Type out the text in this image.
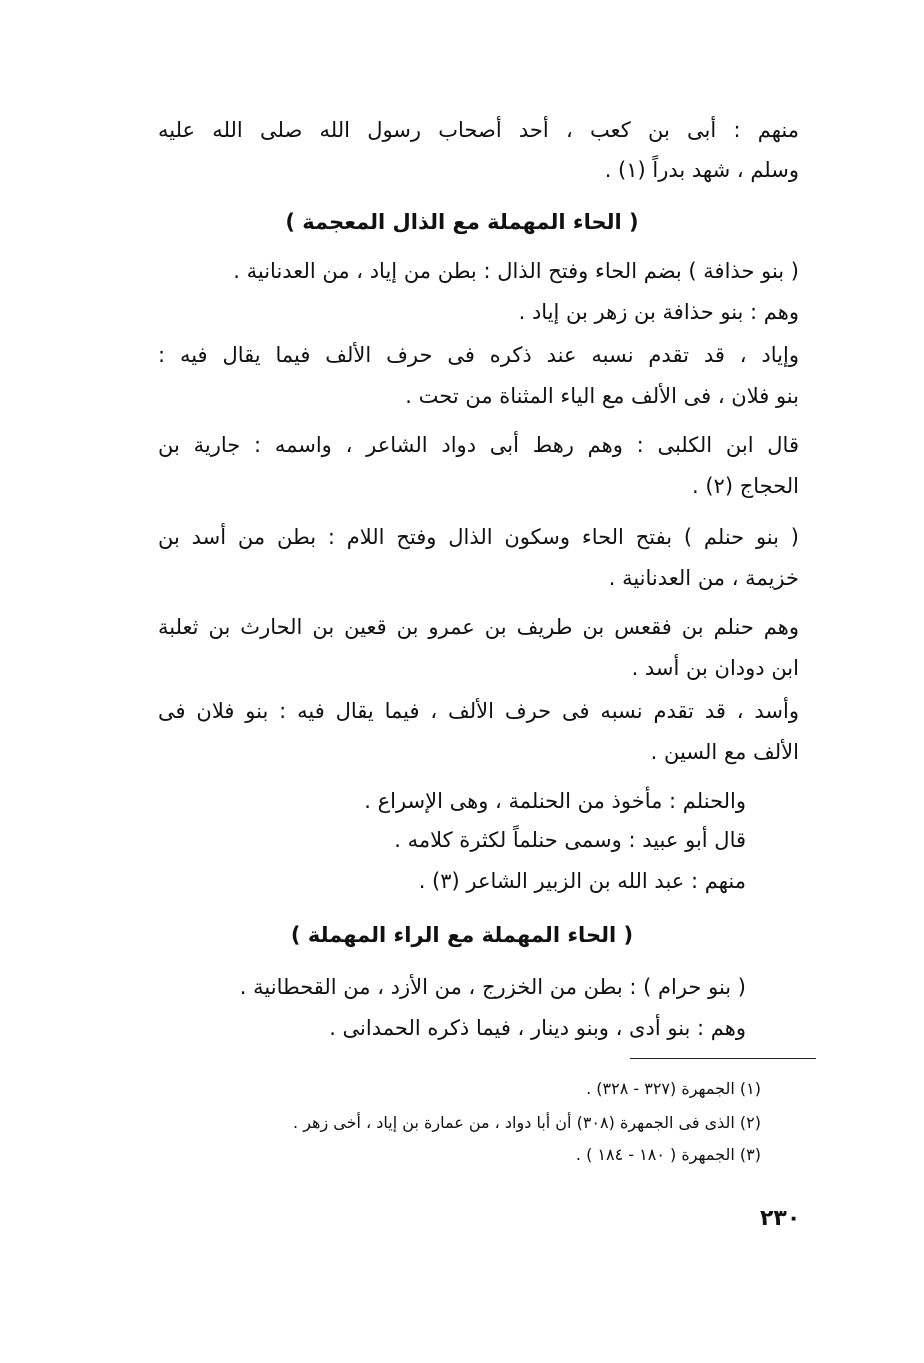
منهم : أبى بن كعب ، أحد أصحاب رسول الله صلى الله عليه
وسلم ، شهد بدراً (١) .
( الحاء المهملة مع الذال المعجمة )
( بنو حذافة ) بضم الحاء وفتح الذال : بطن من إياد ، من العدنانية .
وهم : بنو حذافة بن زهر بن إياد .
وإياد ، قد تقدم نسبه عند ذكره فى حرف الألف فيما يقال فيه :
بنو فلان ، فى الألف مع الياء المثناة من تحت .
قال ابن الكلبى : وهم رهط أبى دواد الشاعر ، واسمه : جارية بن
الحجاج (٢) .
( بنو حنلم ) بفتح الحاء وسكون الذال وفتح اللام : بطن من أسد بن
خزيمة ، من العدنانية .
وهم حنلم بن فقعس بن طريف بن عمرو بن قعين بن الحارث بن ثعلبة
ابن دودان بن أسد .
وأسد ، قد تقدم نسبه فى حرف الألف ، فيما يقال فيه : بنو فلان فى
الألف مع السين .
والحنلم : مأخوذ من الحنلمة ، وهى الإسراع .
قال أبو عبيد : وسمى حنلماً لكثرة كلامه .
منهم : عبد الله بن الزبير الشاعر (٣) .
( الحاء المهملة مع الراء المهملة )
( بنو حرام ) : بطن من الخزرج ، من الأزد ، من القحطانية .
وهم : بنو أدى ، وبنو دينار ، فيما ذكره الحمدانى .
(١) الجمهرة (٣٢٧ - ٣٢٨) .
(٢) الذى فى الجمهرة (٣٠٨) أن أبا دواد ، من عمارة بن إياد ، أخى زهر .
(٣) الجمهرة ( ١٨٠ - ١٨٤ ) .
٢٣٠
